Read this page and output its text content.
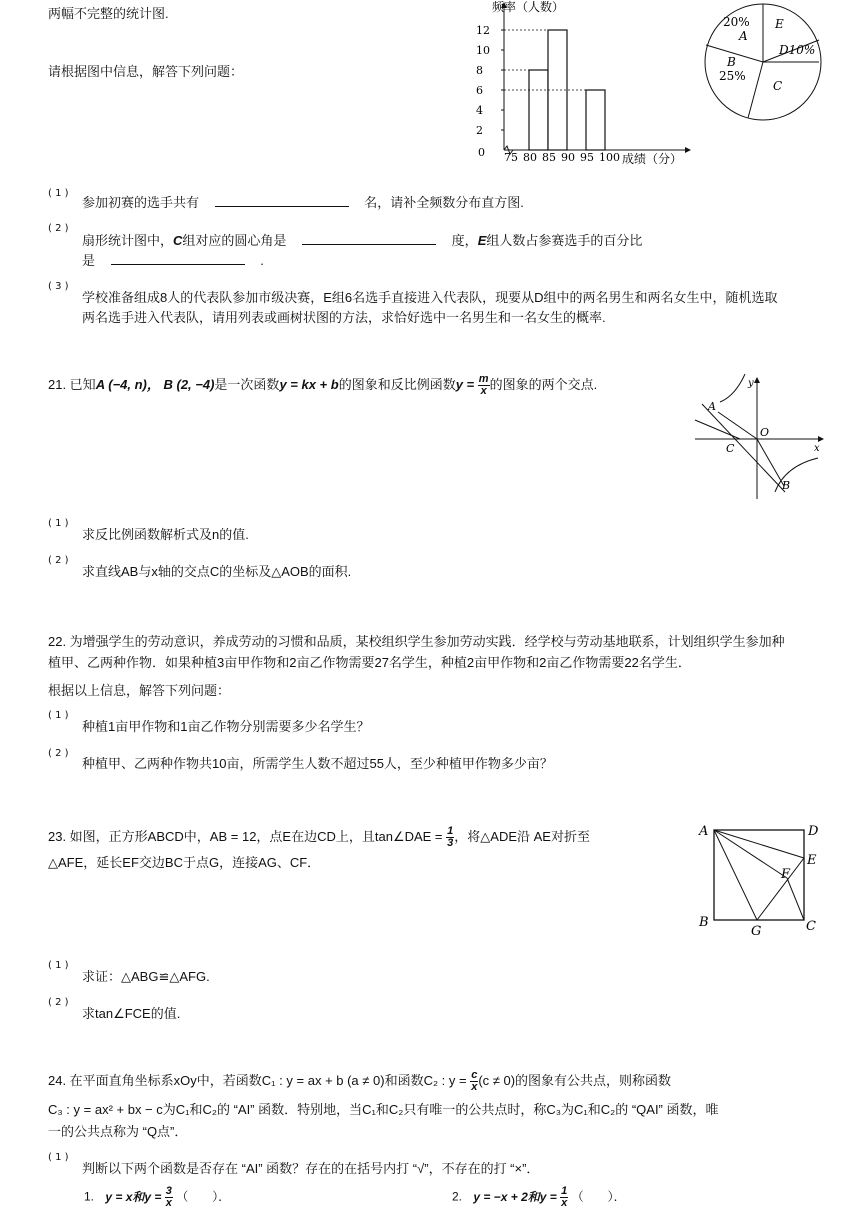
两幅不完整的统计图.
请根据图中信息，解答下列问题：
0
2
4
6
8
10
12
75 80 85 90 95 100
频率（人数）
成绩（分）
20%
A
E
D10%
B
25%
C
( 1 )
参加初赛的选手共有	名，请补全频数分布直方图.
( 2 )
扇形统计图中，C组对应的圆心角是	度，E组人数占参赛选手的百分比
是	.
( 3 )
学校准备组成8人的代表队参加市级决赛，E组6名选手直接进入代表队，现要从D组中的两名男生和两名女生中，随机选取
两名选手进入代表队，请用列表或画树状图的方法，求恰好选中一名男生和一名女生的概率.
21. 已知A (−4, n)， B (2, −4)是一次函数y = kx + b的图象和反比例函数$y = \frac{m}{x}$ 的图象的两个交点.	y
x
A
O
C
B
( 1 )
求反比例函数解析式及n的值.
( 2 )
求直线AB与x轴的交点C的坐标及△AOB的面积.
22. 为增强学生的劳动意识，养成劳动的习惯和品质，某校组织学生参加劳动实践．经学校与劳动基地联系，计划组织学生参加种
植甲、乙两种作物．如果种植3亩甲作物和2亩乙作物需要27名学生，种植2亩甲作物和2亩乙作物需要22名学生．
根据以上信息，解答下列问题：
( 1 )
种植1亩甲作物和1亩乙作物分别需要多少名学生？
( 2 )
种植甲、乙两种作物共10亩，所需学生人数不超过55人，至少种植甲作物多少亩？
23. 如图，正方形ABCD中，AB = 12，点E在边CD上，且tan∠DAE = $\frac{1}{3}$ ，将△ADE沿 AE对折至
△AFE，延长EF交边BC于点G，连接AG、CF．
A	D
E
F
B
G	C
( 1 )
求证：△ABG≌△AFG.
( 2 )
求tan∠FCE的值.
24. 在平面直角坐标系xOy中，若函数C₁ : y = ax + b (a ≠ 0)和函数C₂ : $y = \frac{c}{x} (c \ne 0)$的图象有公共点，则称函数
C₃ : y = ax² + bx − c为C₁和C₂的 “AI” 函数．特别地，当C₁和C₂只有唯一的公共点时，称C₃为C₁和C₂的 “QAI” 函数，唯
一的公共点称为 “Q点”．
( 1 )
判断以下两个函数是否存在 “AI” 函数？存在的在括号内打 “√”，不存在的打 “×”．
1. y = x和$y = \frac{3}{x}$ （　　）．	2. y = −x + 2和$y = \frac{1}{x}$ （　　）．
